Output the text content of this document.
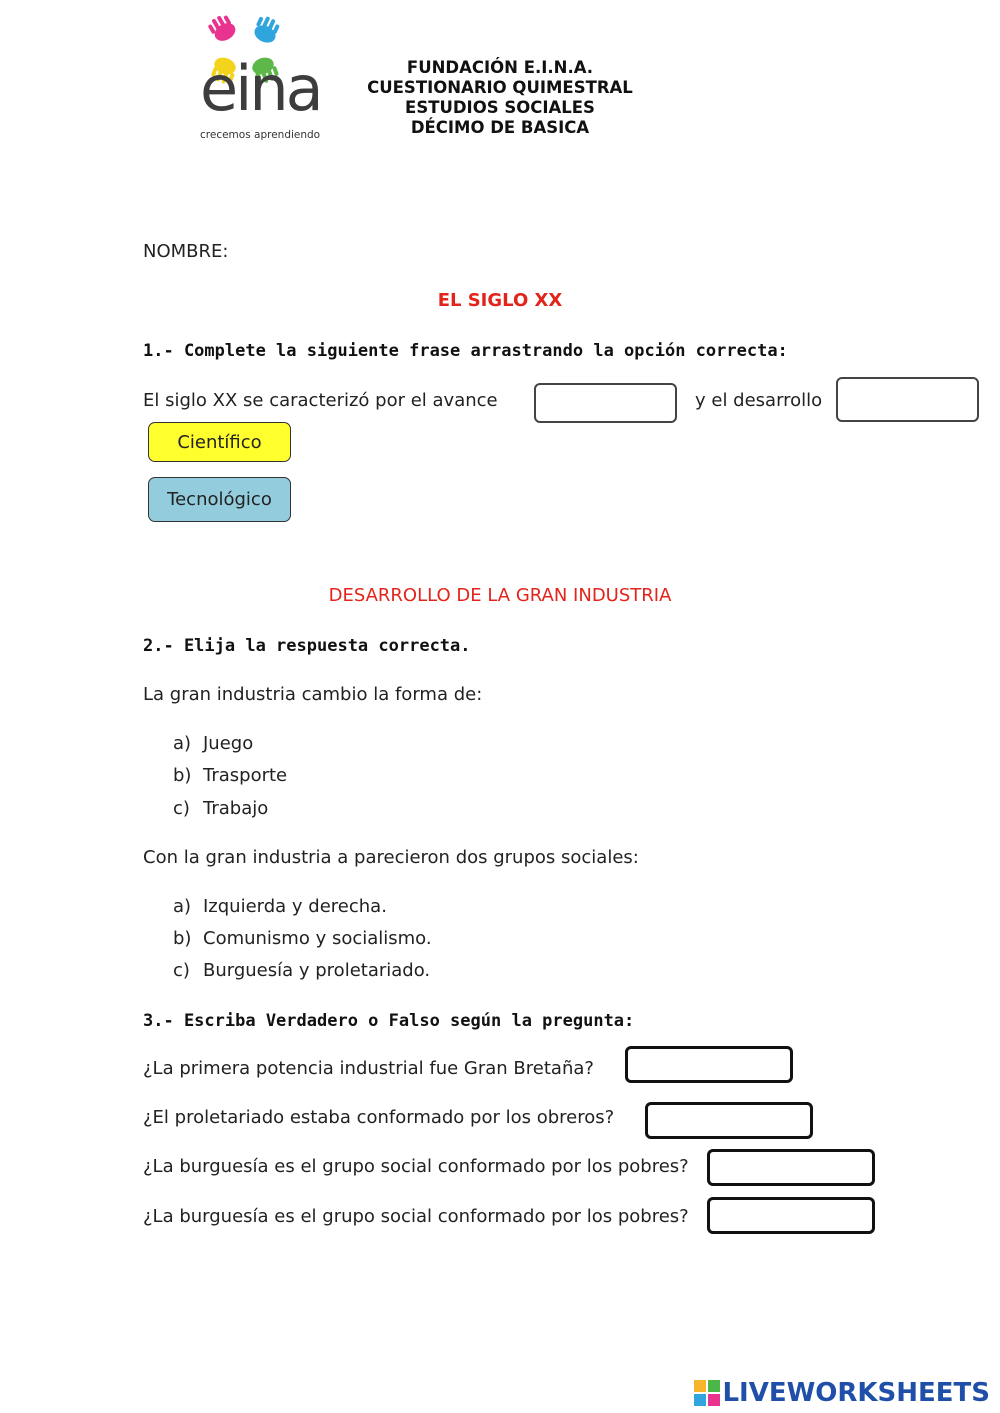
eina
crecemos aprendiendo
FUNDACIÓN E.I.N.A.
CUESTIONARIO QUIMESTRAL
ESTUDIOS SOCIALES
DÉCIMO DE BASICA
NOMBRE:
EL SIGLO XX
1.- Complete la siguiente frase arrastrando la opción correcta:
El siglo XX se caracterizó por el avance	y el desarrollo
Científico
Tecnológico
DESARROLLO DE LA GRAN INDUSTRIA
2.- Elija la respuesta correcta.
La gran industria cambio la forma de:
a) Juego
b) Trasporte
c) Trabajo
Con la gran industria a parecieron dos grupos sociales:
a) Izquierda y derecha.
b) Comunismo y socialismo.
c) Burguesía y proletariado.
3.- Escriba Verdadero o Falso según la pregunta:
¿La primera potencia industrial fue Gran Bretaña?
¿El proletariado estaba conformado por los obreros?
¿La burguesía es el grupo social conformado por los pobres?
¿La burguesía es el grupo social conformado por los pobres?
LIVEWORKSHEETS
